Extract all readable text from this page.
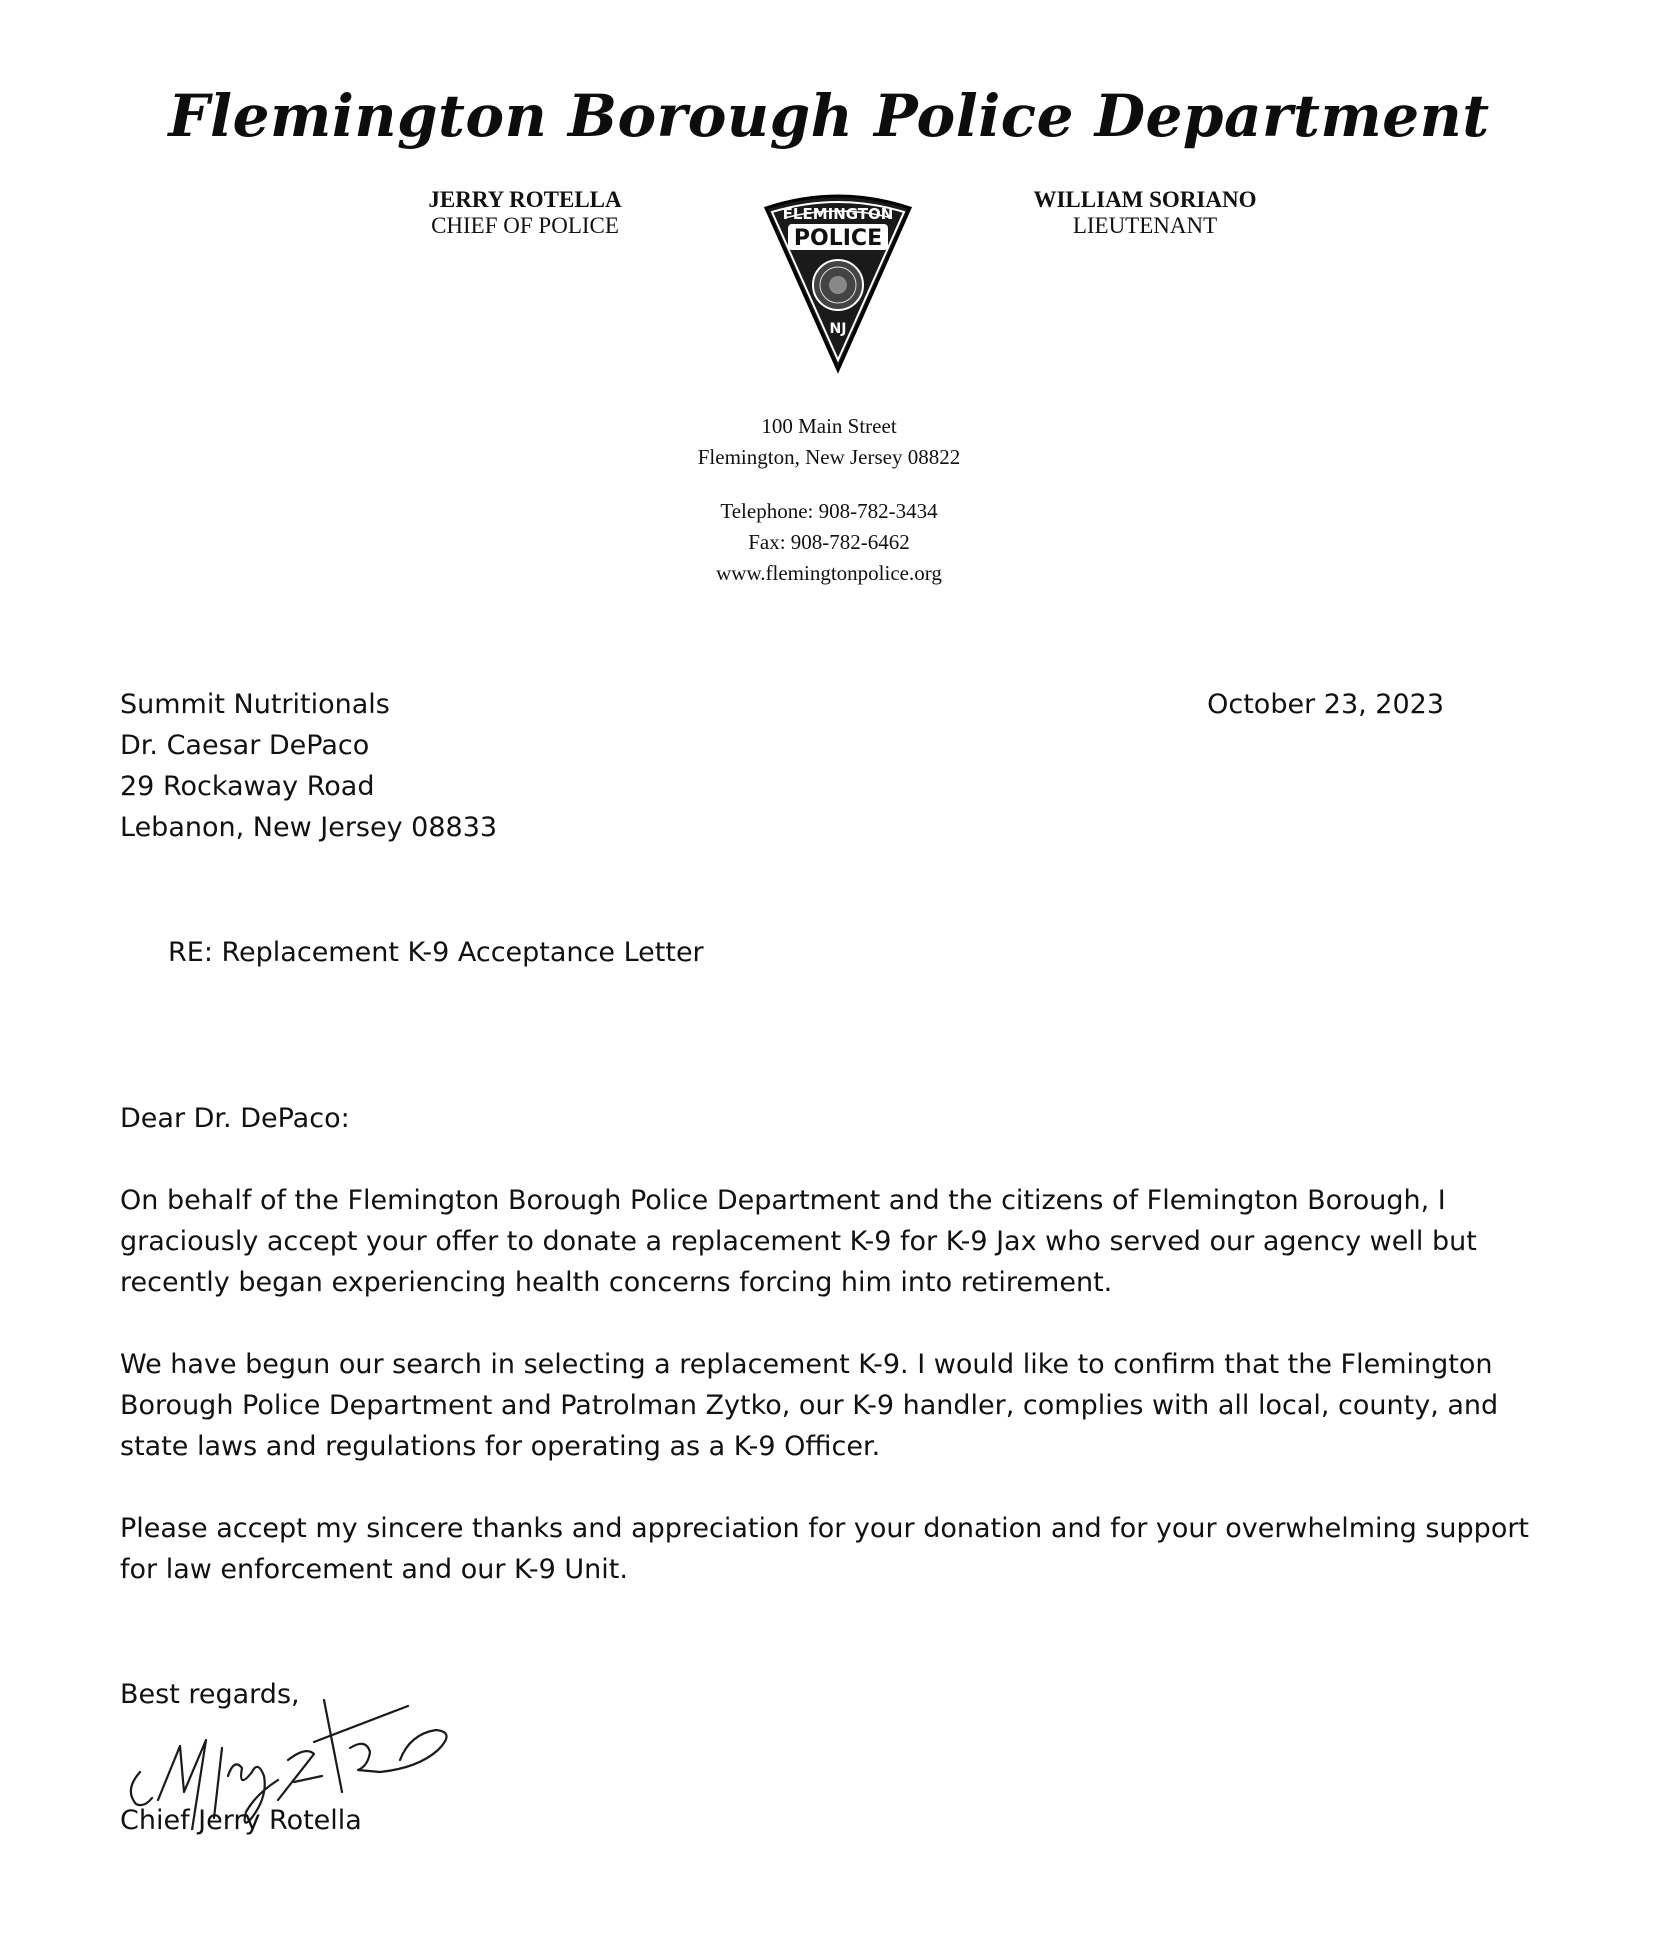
Flemington Borough Police Department
JERRY ROTELLA
CHIEF OF POLICE
WILLIAM SORIANO
LIEUTENANT
FLEMINGTON
POLICE
NJ
100 Main Street
Flemington, New Jersey 08822
Telephone: 908-782-3434
Fax: 908-782-6462
www.flemingtonpolice.org
Summit Nutritionals
Dr. Caesar DePaco
29 Rockaway Road
Lebanon, New Jersey 08833
October 23, 2023
RE: Replacement K-9 Acceptance Letter
Dear Dr. DePaco:
On behalf of the Flemington Borough Police Department and the citizens of Flemington Borough, I
graciously accept your offer to donate a replacement K-9 for K-9 Jax who served our agency well but
recently began experiencing health concerns forcing him into retirement.
We have begun our search in selecting a replacement K-9. I would like to confirm that the Flemington
Borough Police Department and Patrolman Zytko, our K-9 handler, complies with all local, county, and
state laws and regulations for operating as a K-9 Officer.
Please accept my sincere thanks and appreciation for your donation and for your overwhelming support
for law enforcement and our K-9 Unit.
Best regards,
Chief Jerry Rotella
